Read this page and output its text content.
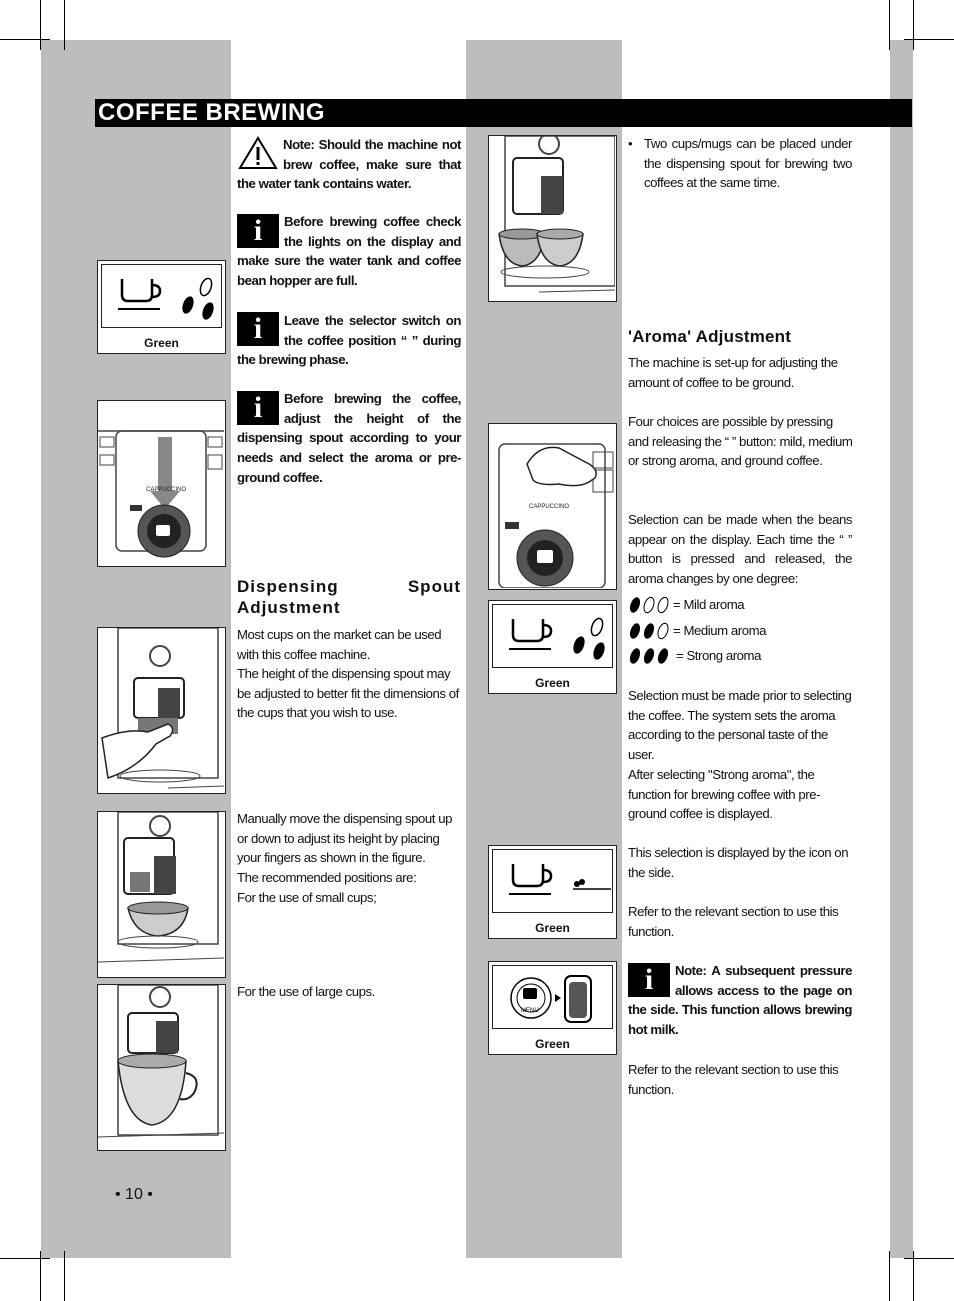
COFFEE BREWING
Note: Should the machine not brew coffee, make sure that the water tank contains water.
i	Before brewing coffee check the lights on the display and make sure the water tank and coffee bean hopper are full.
i	Leave the selector switch on the coffee position “ ” during the brewing phase.
i	Before brewing the coffee, adjust the height of the dispensing spout according to your needs and select the aroma or pre-ground coffee.
Dispensing Spout Adjustment
Most cups on the market can be used with this coffee machine.
The height of the dispensing spout may be adjusted to better fit the dimensions of the cups that you wish to use.
Manually move the dispensing spout up or down to adjust its height by placing your fingers as shown in the figure.
The recommended positions are:
For the use of small cups;
For the use of large cups.
Green
CAPPUCCINO
CAPPUCCINO
Green
Green
MENU
Green
• Two cups/mugs can be placed under the dispensing spout for brewing two coffees at the same time.
'Aroma' Adjustment
The machine is set-up for adjusting the amount of coffee to be ground.
Four choices are possible by pressing and releasing the “ ” button: mild, medium or strong aroma, and ground coffee.
Selection can be made when the beans appear on the display. Each time the “ ” button is pressed and released, the aroma changes by one degree:
= Mild aroma
= Medium aroma
= Strong aroma
Selection must be made prior to selecting the coffee. The system sets the aroma according to the personal taste of the user.
After selecting "Strong aroma", the function for brewing coffee with pre-ground coffee is displayed.
This selection is displayed by the icon on the side.
Refer to the relevant section to use this function.
i	Note: A subsequent pressure allows access to the page on the side. This function allows brewing hot milk.
Refer to the relevant section to use this function.
• 10 •
